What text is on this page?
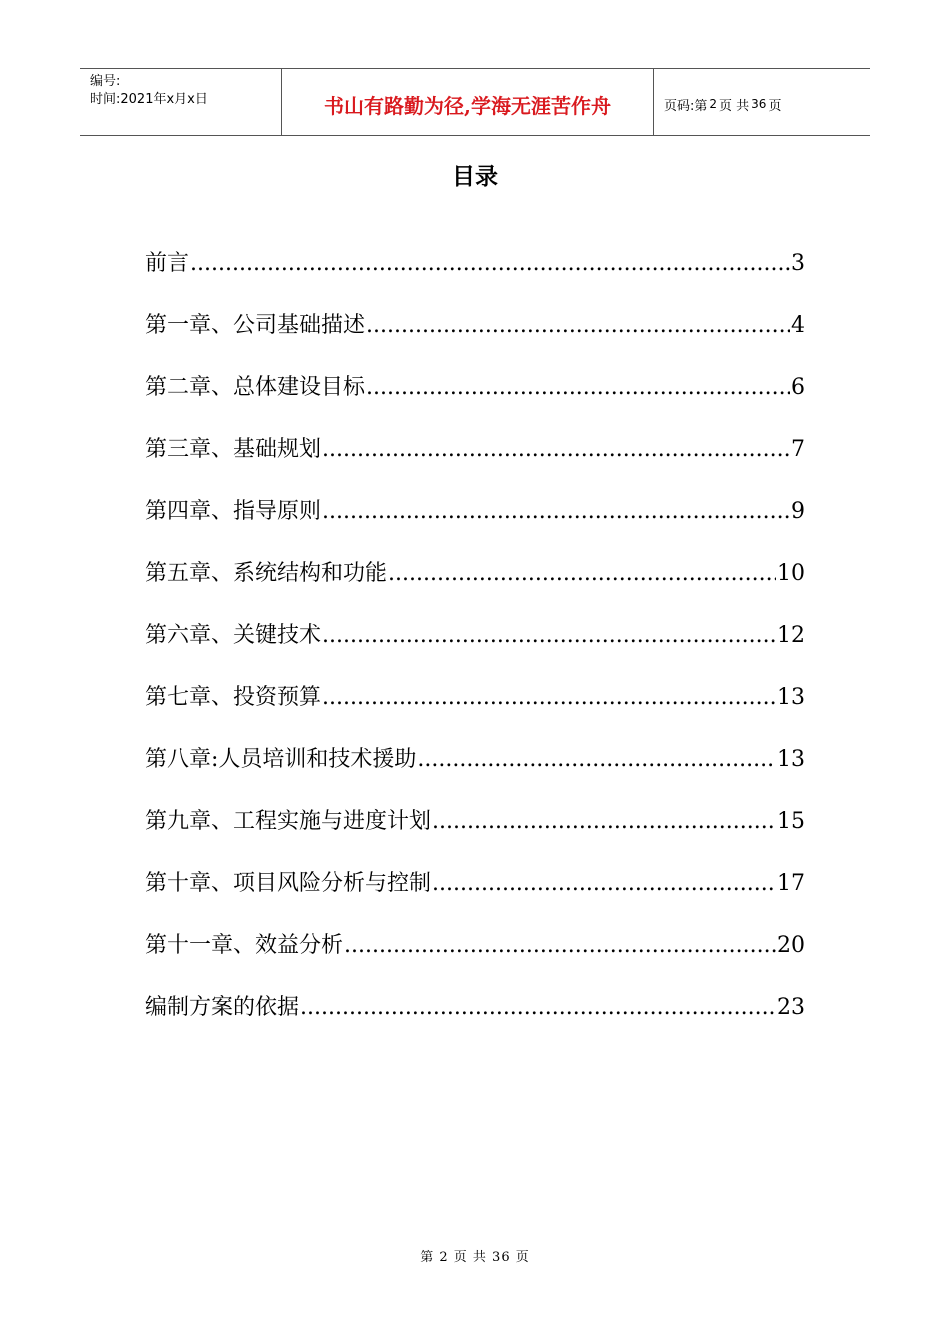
编号:
时间:2021年x月x日	书山有路勤为径,学海无涯苦作舟	页码:第 2 页 共 36 页
目录
前言 .....	3
第一章、公司基础描述 .....	4
第二章、总体建设目标 .....	6
第三章、基础规划 .....	7
第四章、指导原则 .....	9
第五章、系统结构和功能 .....	10
第六章、关键技术 .....	12
第七章、投资预算 .....	13
第八章:人员培训和技术援助 .....	13
第九章、工程实施与进度计划 .....	15
第十章、项目风险分析与控制 .....	17
第十一章、效益分析 .....	20
编制方案的依据 .....	23
第 2 页 共 36 页
